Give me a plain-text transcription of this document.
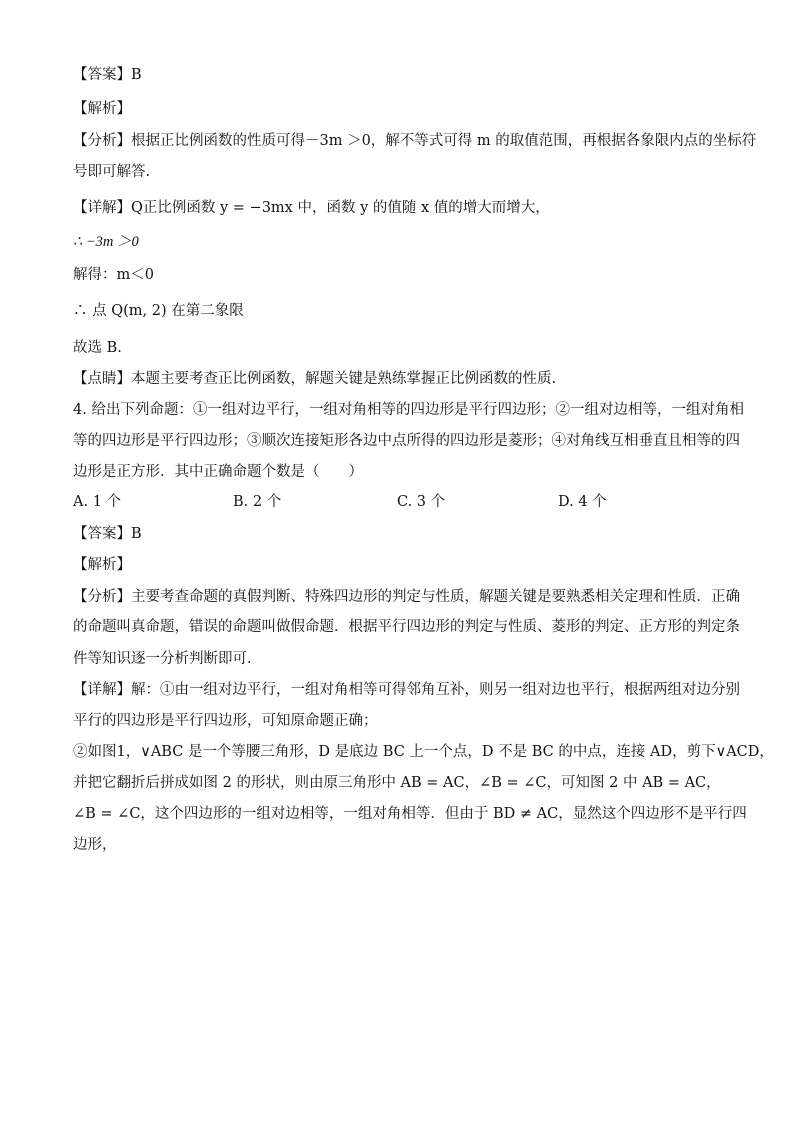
【答案】B
【解析】
【分析】根据正比例函数的性质可得－3m ＞0，解不等式可得 m 的取值范围，再根据各象限内点的坐标符
号即可解答.
【详解】Q正比例函数 y = −3mx 中，函数 y 的值随 x 值的增大而增大，
∴ −3m ＞0
解得：m＜0
∴ 点 Q(m, 2) 在第二象限
故选 B.
【点睛】本题主要考查正比例函数，解题关键是熟练掌握正比例函数的性质.
4. 给出下列命题：①一组对边平行，一组对角相等的四边形是平行四边形；②一组对边相等，一组对角相
等的四边形是平行四边形；③顺次连接矩形各边中点所得的四边形是菱形；④对角线互相垂直且相等的四
边形是正方形．其中正确命题个数是（　　）
A. 1 个	B. 2 个	C. 3 个	D. 4 个
【答案】B
【解析】
【分析】主要考查命题的真假判断、特殊四边形的判定与性质，解题关键是要熟悉相关定理和性质．正确
的命题叫真命题，错误的命题叫做假命题．根据平行四边形的判定与性质、菱形的判定、正方形的判定条
件等知识逐一分析判断即可．
【详解】解：①由一组对边平行，一组对角相等可得邻角互补，则另一组对边也平行，根据两组对边分别
平行的四边形是平行四边形，可知原命题正确；
②如图1，∨ABC 是一个等腰三角形，D 是底边 BC 上一个点，D 不是 BC 的中点，连接 AD，剪下∨ACD，
并把它翻折后拼成如图 2 的形状，则由原三角形中 AB = AC，∠B = ∠C，可知图 2 中 AB = AC，
∠B = ∠C，这个四边形的一组对边相等，一组对角相等．但由于 BD ≠ AC，显然这个四边形不是平行四
边形，
